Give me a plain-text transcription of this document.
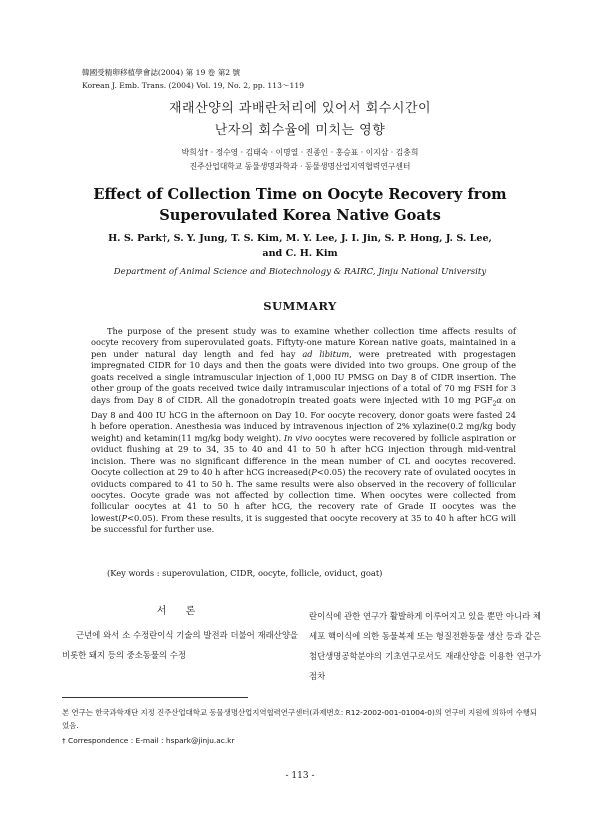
韓國受精卵移植學會誌(2004) 第 19 卷 第2 號
Korean J. Emb. Trans. (2004) Vol. 19, No. 2, pp. 113～119
재래산양의 과배란처리에 있어서 회수시간이
난자의 회수율에 미치는 영향
박희성† · 정수영 · 김태숙 · 이명열 · 진종인 · 홍승표 · 이지삼 · 김충희
진주산업대학교 동물생명과학과 · 동물생명산업지역협력연구센터
Effect of Collection Time on Oocyte Recovery from
Superovulated Korea Native Goats
H. S. Park†, S. Y. Jung, T. S. Kim, M. Y. Lee, J. I. Jin, S. P. Hong, J. S. Lee,
and C. H. Kim
Department of Animal Science and Biotechnology & RAIRC, Jinju National University
SUMMARY
The purpose of the present study was to examine whether collection time affects results of oocyte recovery from superovulated goats. Fiftyty-one mature Korean native goats, maintained in a pen under natural day length and fed hay ad libitum, were pretreated with progestagen impregnated CIDR for 10 days and then the goats were divided into two groups. One group of the goats received a single intramuscular injection of 1,000 IU PMSG on Day 8 of CIDR insertion. The other group of the goats received twice daily intramuscular injections of a total of 70 mg FSH for 3 days from Day 8 of CIDR. All the gonadotropin treated goats were injected with 10 mg $PGF_2\alpha$ on Day 8 and 400 IU hCG in the afternoon on Day 10. For oocyte recovery, donor goats were fasted 24 h before operation. Anesthesia was induced by intravenous injection of 2% xylazine(0.2 mg/kg body weight) and ketamin(11 mg/kg body weight). In vivo oocytes were recovered by follicle aspiration or oviduct flushing at 29 to 34, 35 to 40 and 41 to 50 h after hCG injection through mid-ventral incision. There was no significant difference in the mean number of CL and oocytes recovered. Oocyte collection at 29 to 40 h after hCG increased(P<0.05) the recovery rate of ovulated oocytes in oviducts compared to 41 to 50 h. The same results were also observed in the recovery of follicular oocytes. Oocyte grade was not affected by collection time. When oocytes were collected from follicular oocytes at 41 to 50 h after hCG, the recovery rate of Grade II oocytes was the lowest(P<0.05). From these results, it is suggested that oocyte recovery at 35 to 40 h after hCG will be successful for further use.
(Key words : superovulation, CIDR, oocyte, follicle, oviduct, goat)
서 론

근년에 와서 소 수정란이식 기술의 발전과 더불어 재래산양을 비롯한 돼지 등의 중소동물의 수정

란이식에 관한 연구가 활발하게 이루어지고 있을 뿐만 아니라 체세포 핵이식에 의한 동물복제 또는 형질전환동물 생산 등과 같은 첨단생명공학분야의 기초연구로서도 재래산양을 이용한 연구가 점차

본 연구는 한국과학재단 지정 진주산업대학교 동물생명산업지역협력연구센터(과제번호: R12-2002-001-01004-0)의 연구비 지원에 의하여 수행되었음.
† Correspondence : E-mail : hspark@jinju.ac.kr
- 113 -
